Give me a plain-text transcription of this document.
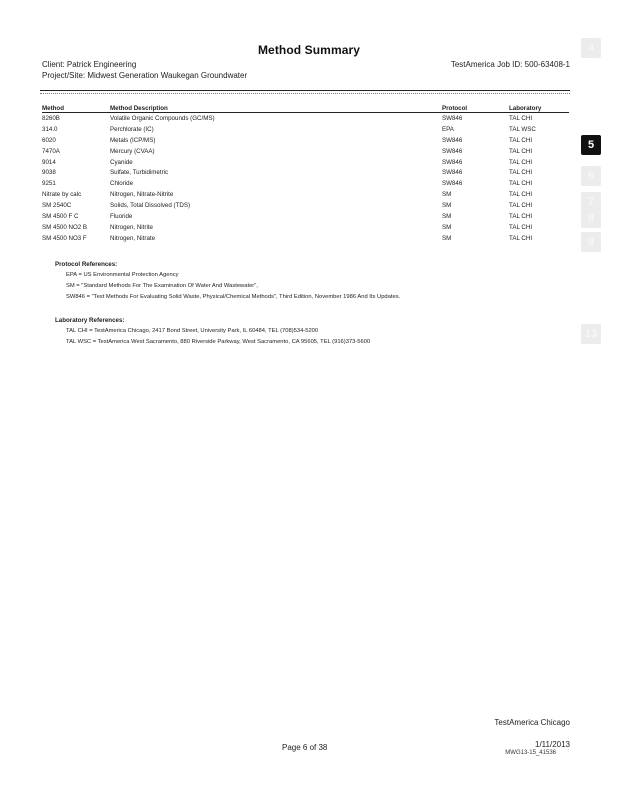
Method Summary
Client: Patrick Engineering	TestAmerica Job ID: 500-63408-1
Project/Site: Midwest Generation Waukegan Groundwater
Method	Method Description	Protocol	Laboratory
8260B	Volatile Organic Compounds (GC/MS)	SW846	TAL CHI
314.0	Perchlorate (IC)	EPA	TAL WSC
6020	Metals (ICP/MS)	SW846	TAL CHI
7470A	Mercury (CVAA)	SW846	TAL CHI
9014	Cyanide	SW846	TAL CHI
9038	Sulfate, Turbidimetric	SW846	TAL CHI
9251	Chloride	SW846	TAL CHI
Nitrate by calc	Nitrogen, Nitrate-Nitrite	SM	TAL CHI
SM 2540C	Solids, Total Dissolved (TDS)	SM	TAL CHI
SM 4500 F C	Fluoride	SM	TAL CHI
SM 4500 NO2 B	Nitrogen, Nitrite	SM	TAL CHI
SM 4500 NO3 F	Nitrogen, Nitrate	SM	TAL CHI
Protocol References:
EPA = US Environmental Protection Agency
SM = "Standard Methods For The Examination Of Water And Wastewater",
SW846 = "Test Methods For Evaluating Solid Waste, Physical/Chemical Methods", Third Edition, November 1986 And Its Updates.
Laboratory References:
TAL CHI = TestAmerica Chicago, 2417 Bond Street, University Park, IL 60484, TEL (708)534-5200
TAL WSC = TestAmerica West Sacramento, 880 Riverside Parkway, West Sacramento, CA 95605, TEL (916)373-5600
4
5
6
7
8
9
13
TestAmerica Chicago
Page 6 of 38	1/11/2013
MWG13-15_41536
